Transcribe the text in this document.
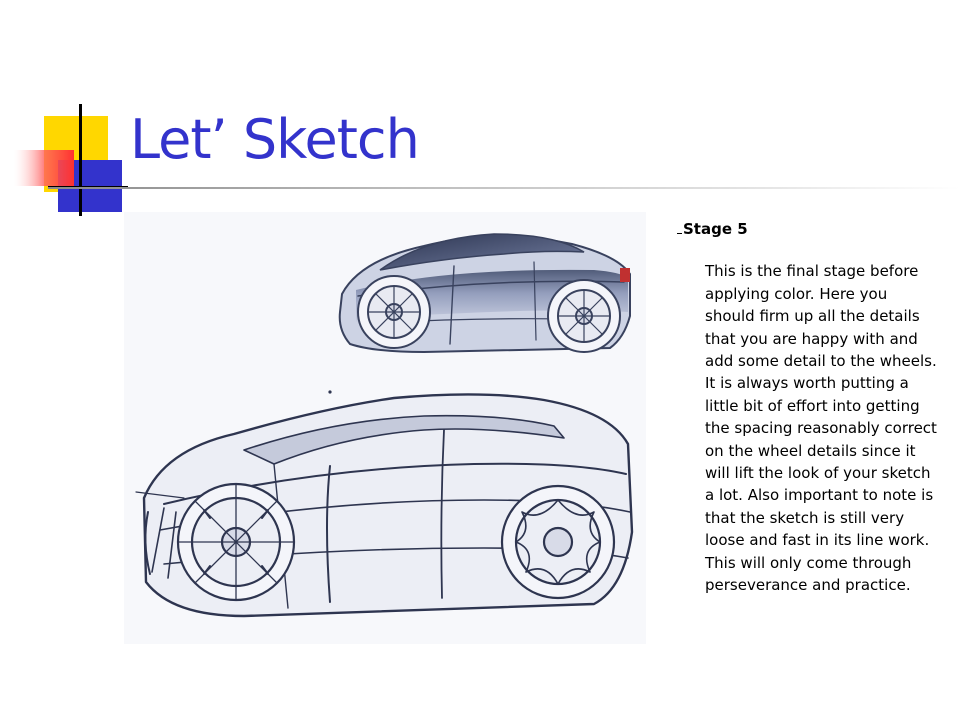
Let’ Sketch
Stage 5
This is the final stage before applying color. Here you should firm up all the details that you are happy with and add some detail to the wheels. It is always worth putting a little bit of effort into getting the spacing reasonably correct on the wheel details since it will lift the look of your sketch a lot. Also important to note is that the sketch is still very loose and fast in its line work. This will only come through perseverance and practice.
